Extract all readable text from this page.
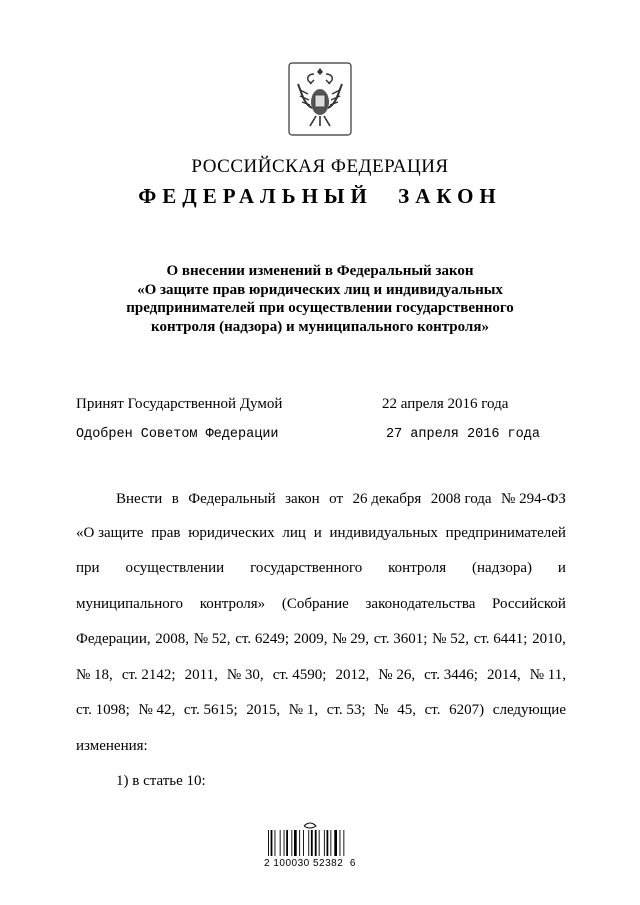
РОССИЙСКАЯ ФЕДЕРАЦИЯ
ФЕДЕРАЛЬНЫЙ ЗАКОН
О внесении изменений в Федеральный закон
«О защите прав юридических лиц и индивидуальных
предпринимателей при осуществлении государственного
контроля (надзора) и муниципального контроля»
Принят Государственной Думой	22 апреля 2016 года
Одобрен Советом Федерации	27 апреля 2016 года
Внести в Федеральный закон от 26 декабря 2008 года № 294-ФЗ
«О защите прав юридических лиц и индивидуальных предпринимателей
при осуществлении государственного контроля (надзора) и
муниципального контроля» (Собрание законодательства Российской
Федерации, 2008, № 52, ст. 6249; 2009, № 29, ст. 3601; № 52, ст. 6441; 2010,
№ 18, ст. 2142; 2011, № 30, ст. 4590; 2012, № 26, ст. 3446; 2014, № 11,
ст. 1098; № 42, ст. 5615; 2015, № 1, ст. 53; № 45, ст. 6207) следующие
изменения:
1) в статье 10:
2 100030 52382  6
